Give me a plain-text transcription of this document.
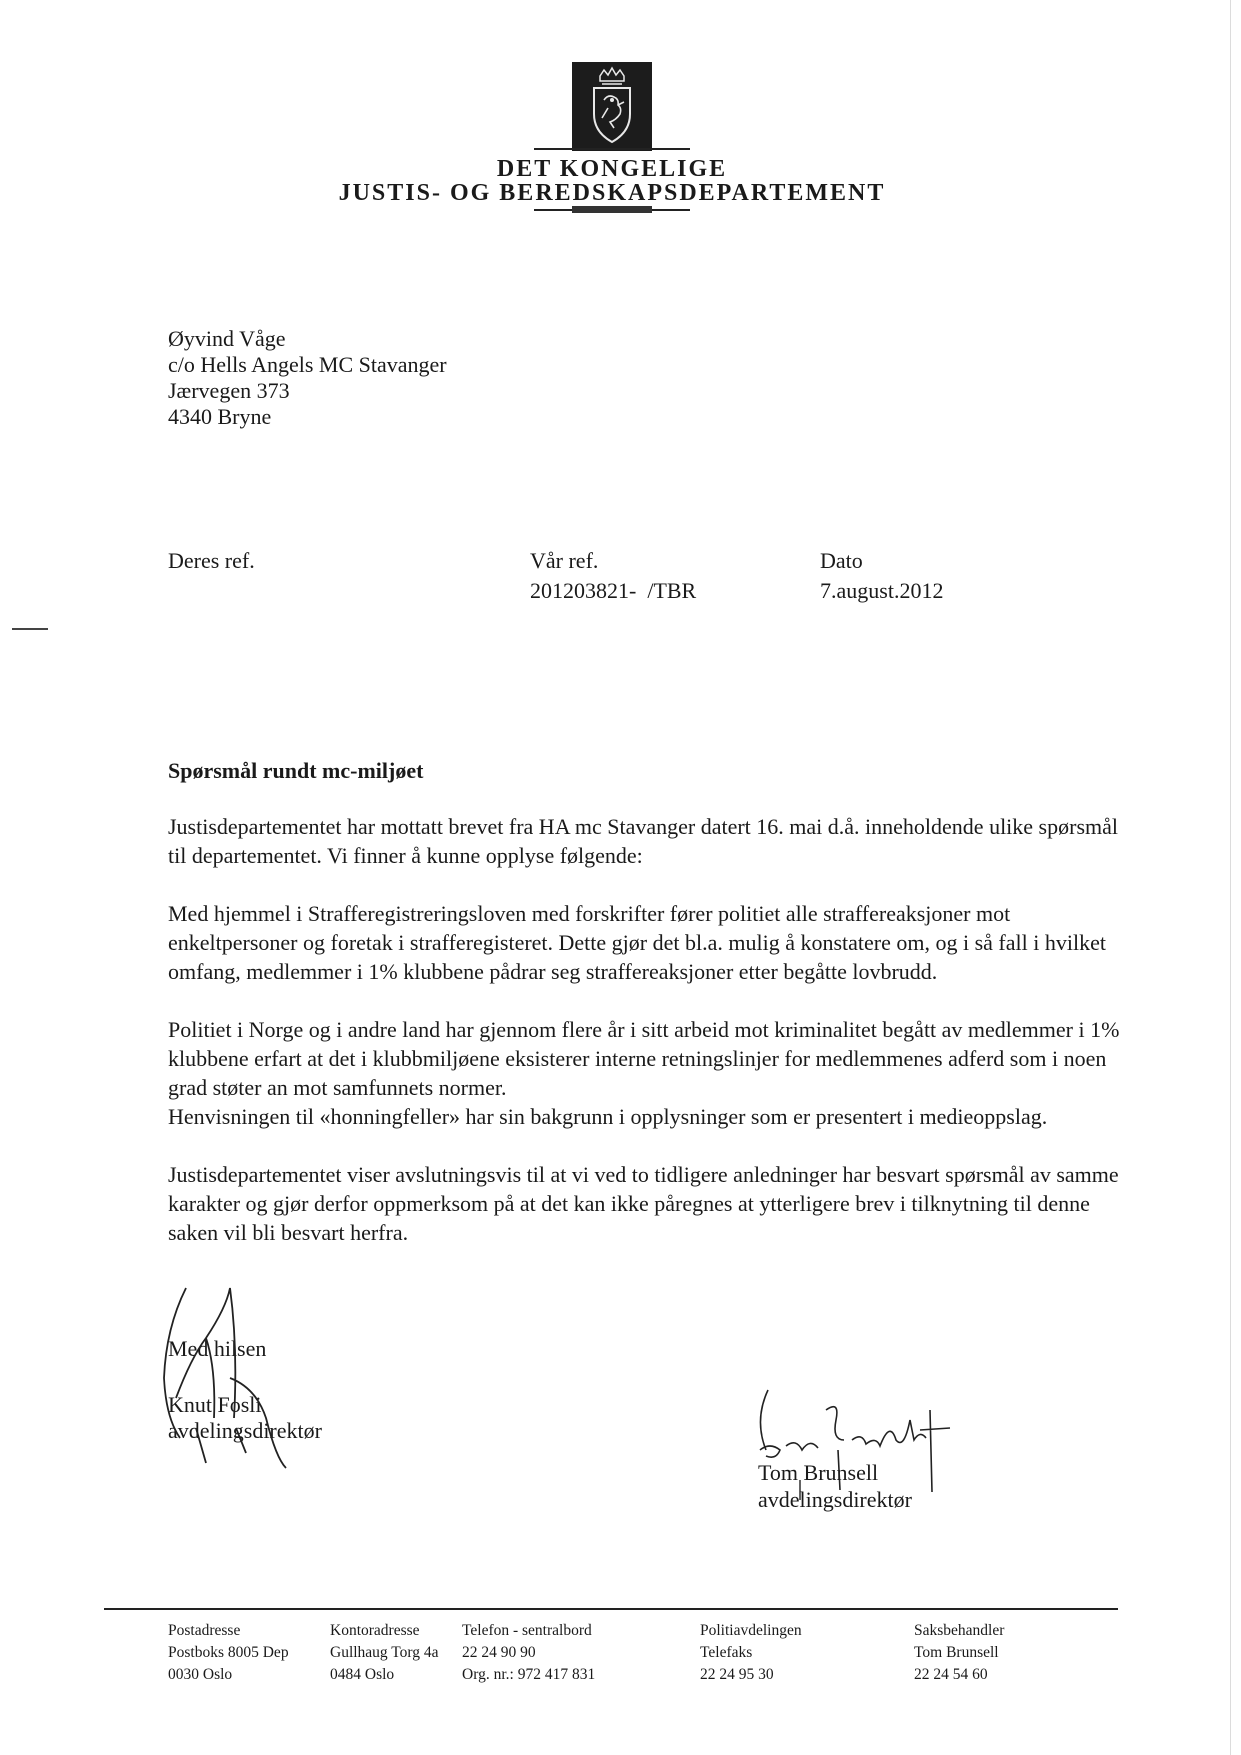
DET KONGELIGE
JUSTIS- OG BEREDSKAPSDEPARTEMENT
Øyvind Våge
c/o Hells Angels MC Stavanger
Jærvegen 373
4340 Bryne
Deres ref.	Vår ref.
201203821-  /TBR
Dato
7.august.2012
Spørsmål rundt mc-miljøet

Justisdepartementet har mottatt brevet fra HA mc Stavanger datert 16. mai d.å. inneholdende ulike spørsmål til departementet. Vi finner å kunne opplyse følgende:

Med hjemmel i Strafferegistreringsloven med forskrifter fører politiet alle straffereaksjoner mot enkeltpersoner og foretak i strafferegisteret. Dette gjør det bl.a. mulig å konstatere om, og i så fall i hvilket omfang, medlemmer i 1% klubbene pådrar seg straffereaksjoner etter begåtte lovbrudd.

Politiet i Norge og i andre land har gjennom flere år i sitt arbeid mot kriminalitet begått av medlemmer i 1% klubbene erfart at det i klubbmiljøene eksisterer interne retningslinjer for medlemmenes adferd som i noen grad støter an mot samfunnets normer.

Henvisningen til «honningfeller» har sin bakgrunn i opplysninger som er presentert i medieoppslag.

Justisdepartementet viser avslutningsvis til at vi ved to tidligere anledninger har besvart spørsmål av samme karakter og gjør derfor oppmerksom på at det kan ikke påregnes at ytterligere brev i tilknytning til denne saken vil bli besvart herfra.

Med hilsen
Knut Fosli
avdelingsdirektør
Tom Brunsell
avdelingsdirektør
Postadresse
Postboks 8005 Dep
0030 Oslo
Kontoradresse
Gullhaug Torg 4a
0484 Oslo
Telefon - sentralbord
22 24 90 90
Org. nr.: 972 417 831
Politiavdelingen
Telefaks
22 24 95 30
Saksbehandler
Tom Brunsell
22 24 54 60
